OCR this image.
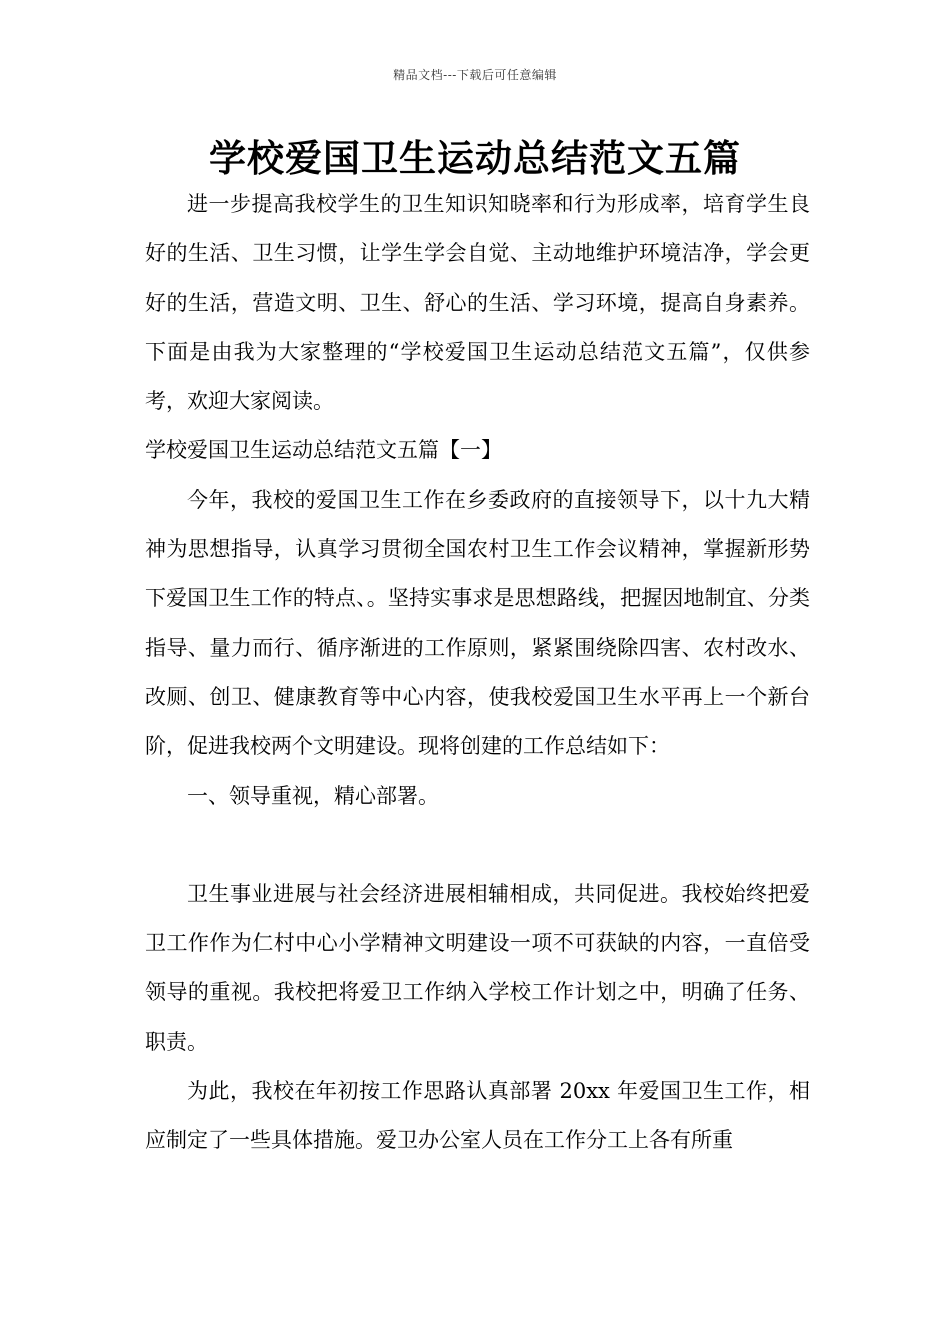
精品文档---下载后可任意编辑
学校爱国卫生运动总结范文五篇

进一步提高我校学生的卫生知识知晓率和行为形成率，培育学生良好的生活、卫生习惯，让学生学会自觉、主动地维护环境洁净，学会更好的生活，营造文明、卫生、舒心的生活、学习环境，提高自身素养。下面是由我为大家整理的“学校爱国卫生运动总结范文五篇”，仅供参考，欢迎大家阅读。

学校爱国卫生运动总结范文五篇【一】

今年，我校的爱国卫生工作在乡委政府的直接领导下，以十九大精神为思想指导，认真学习贯彻全国农村卫生工作会议精神，掌握新形势下爱国卫生工作的特点、。坚持实事求是思想路线，把握因地制宜、分类指导、量力而行、循序渐进的工作原则，紧紧围绕除四害、农村改水、改厕、创卫、健康教育等中心内容，使我校爱国卫生水平再上一个新台阶，促进我校两个文明建设。现将创建的工作总结如下：

一、领导重视，精心部署。

卫生事业进展与社会经济进展相辅相成，共同促进。我校始终把爱卫工作作为仁村中心小学精神文明建设一项不可获缺的内容，一直倍受领导的重视。我校把将爱卫工作纳入学校工作计划之中，明确了任务、职责。

为此，我校在年初按工作思路认真部署 20xx 年爱国卫生工作，相应制定了一些具体措施。爱卫办公室人员在工作分工上各有所重
